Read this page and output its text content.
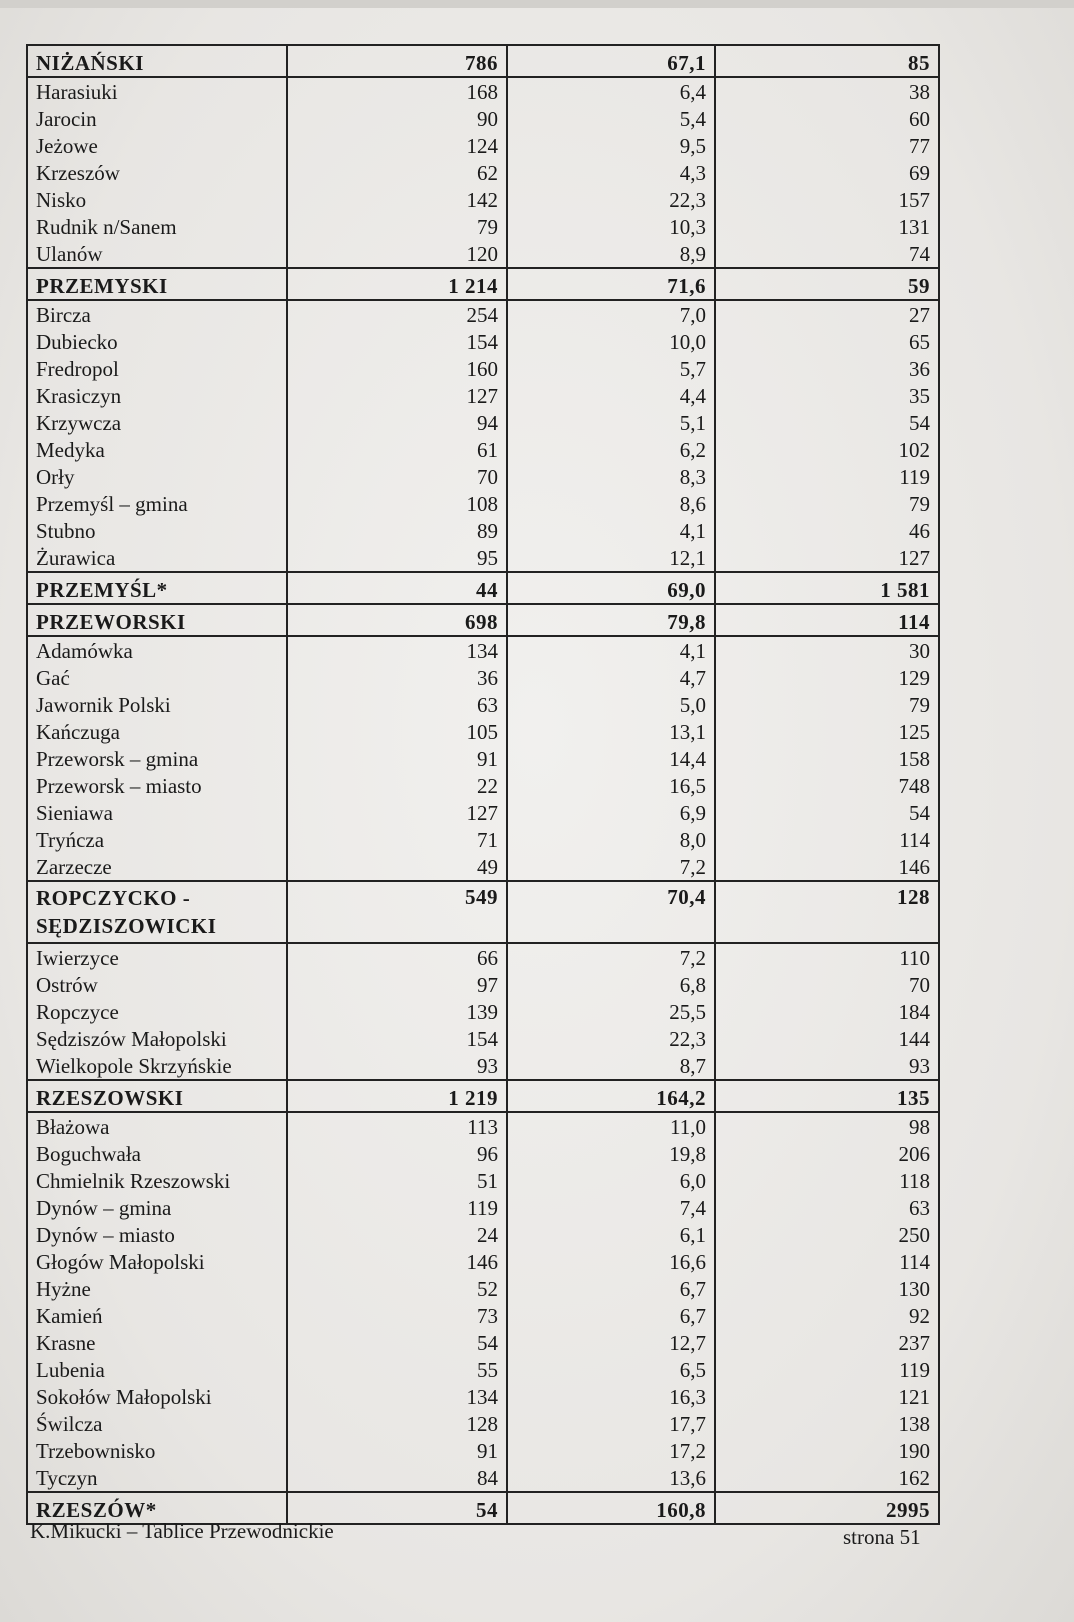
NIŻAŃSKI	786	67,1	85
Harasiuki	168	6,4	38
Jarocin	90	5,4	60
Jeżowe	124	9,5	77
Krzeszów	62	4,3	69
Nisko	142	22,3	157
Rudnik n/Sanem	79	10,3	131
Ulanów	120	8,9	74
PRZEMYSKI	1 214	71,6	59
Bircza	254	7,0	27
Dubiecko	154	10,0	65
Fredropol	160	5,7	36
Krasiczyn	127	4,4	35
Krzywcza	94	5,1	54
Medyka	61	6,2	102
Orły	70	8,3	119
Przemyśl – gmina	108	8,6	79
Stubno	89	4,1	46
Żurawica	95	12,1	127
PRZEMYŚL*	44	69,0	1 581
PRZEWORSKI	698	79,8	114
Adamówka	134	4,1	30
Gać	36	4,7	129
Jawornik Polski	63	5,0	79
Kańczuga	105	13,1	125
Przeworsk – gmina	91	14,4	158
Przeworsk – miasto	22	16,5	748
Sieniawa	127	6,9	54
Tryńcza	71	8,0	114
Zarzecze	49	7,2	146
ROPCZYCKO - SĘDZISZOWICKI	549	70,4	128
Iwierzyce	66	7,2	110
Ostrów	97	6,8	70
Ropczyce	139	25,5	184
Sędziszów Małopolski	154	22,3	144
Wielkopole Skrzyńskie	93	8,7	93
RZESZOWSKI	1 219	164,2	135
Błażowa	113	11,0	98
Boguchwała	96	19,8	206
Chmielnik Rzeszowski	51	6,0	118
Dynów – gmina	119	7,4	63
Dynów – miasto	24	6,1	250
Głogów Małopolski	146	16,6	114
Hyżne	52	6,7	130
Kamień	73	6,7	92
Krasne	54	12,7	237
Lubenia	55	6,5	119
Sokołów Małopolski	134	16,3	121
Świlcza	128	17,7	138
Trzebownisko	91	17,2	190
Tyczyn	84	13,6	162
RZESZÓW*	54	160,8	2995
K.Mikucki – Tablice Przewodnickie	strona 51
